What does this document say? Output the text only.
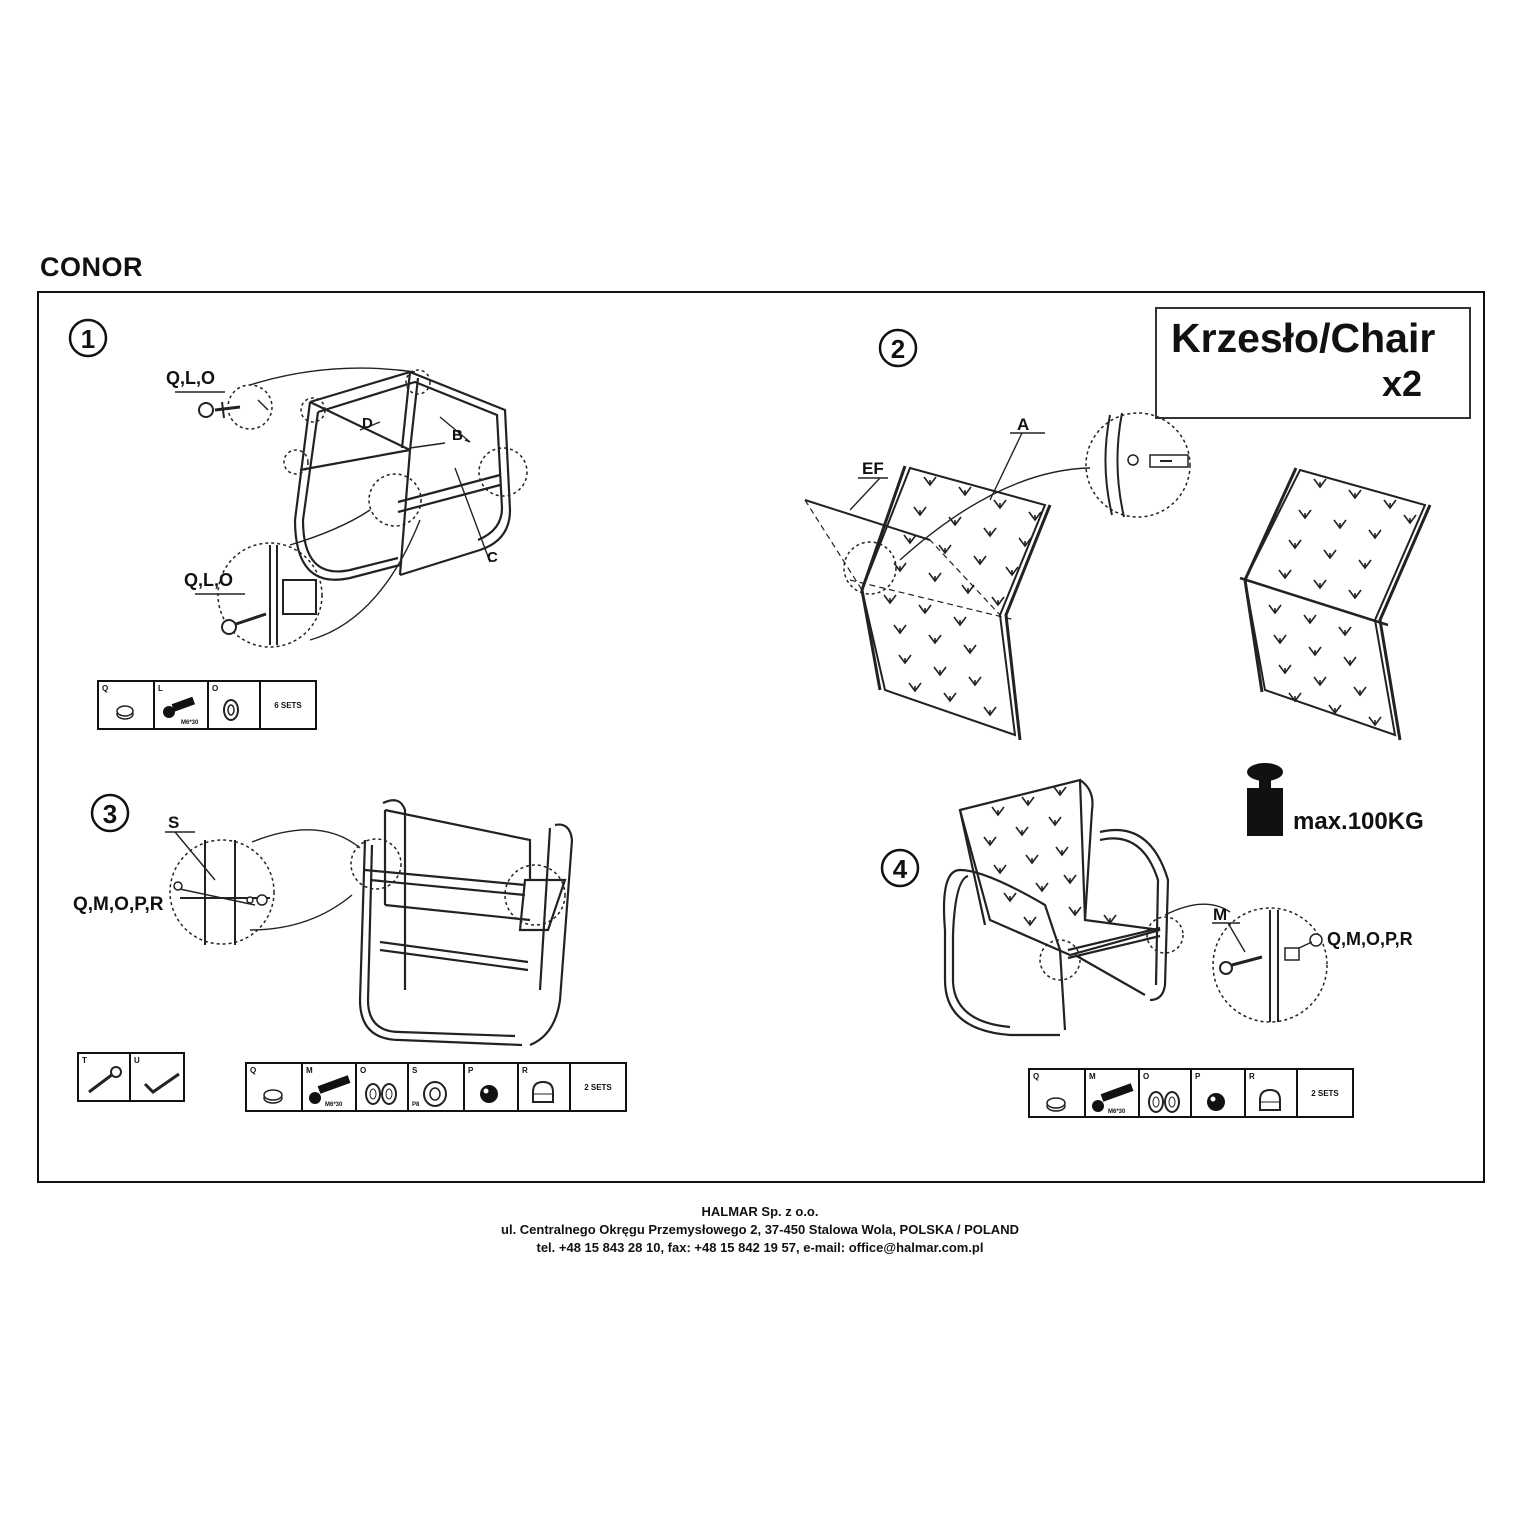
CONOR
1
Q,L,O
Q,L,O
D
B
C
2
A
EF
3	S
Q,M,O,P,R
4
M
Q,M,O,P,R
Krzesło/Chair
x2
max.100KG
Q	L
M6*30

O
	6 SETS
T	U
Q	M
M6*30

O	S
P8

P	R
	2 SETS
Q	M
M6*30

O	P	R
	2 SETS
HALMAR Sp. z o.o.
ul. Centralnego Okręgu Przemysłowego 2, 37-450 Stalowa Wola, POLSKA / POLAND
tel. +48 15 843 28 10, fax: +48 15 842 19 57, e-mail: office@halmar.com.pl
